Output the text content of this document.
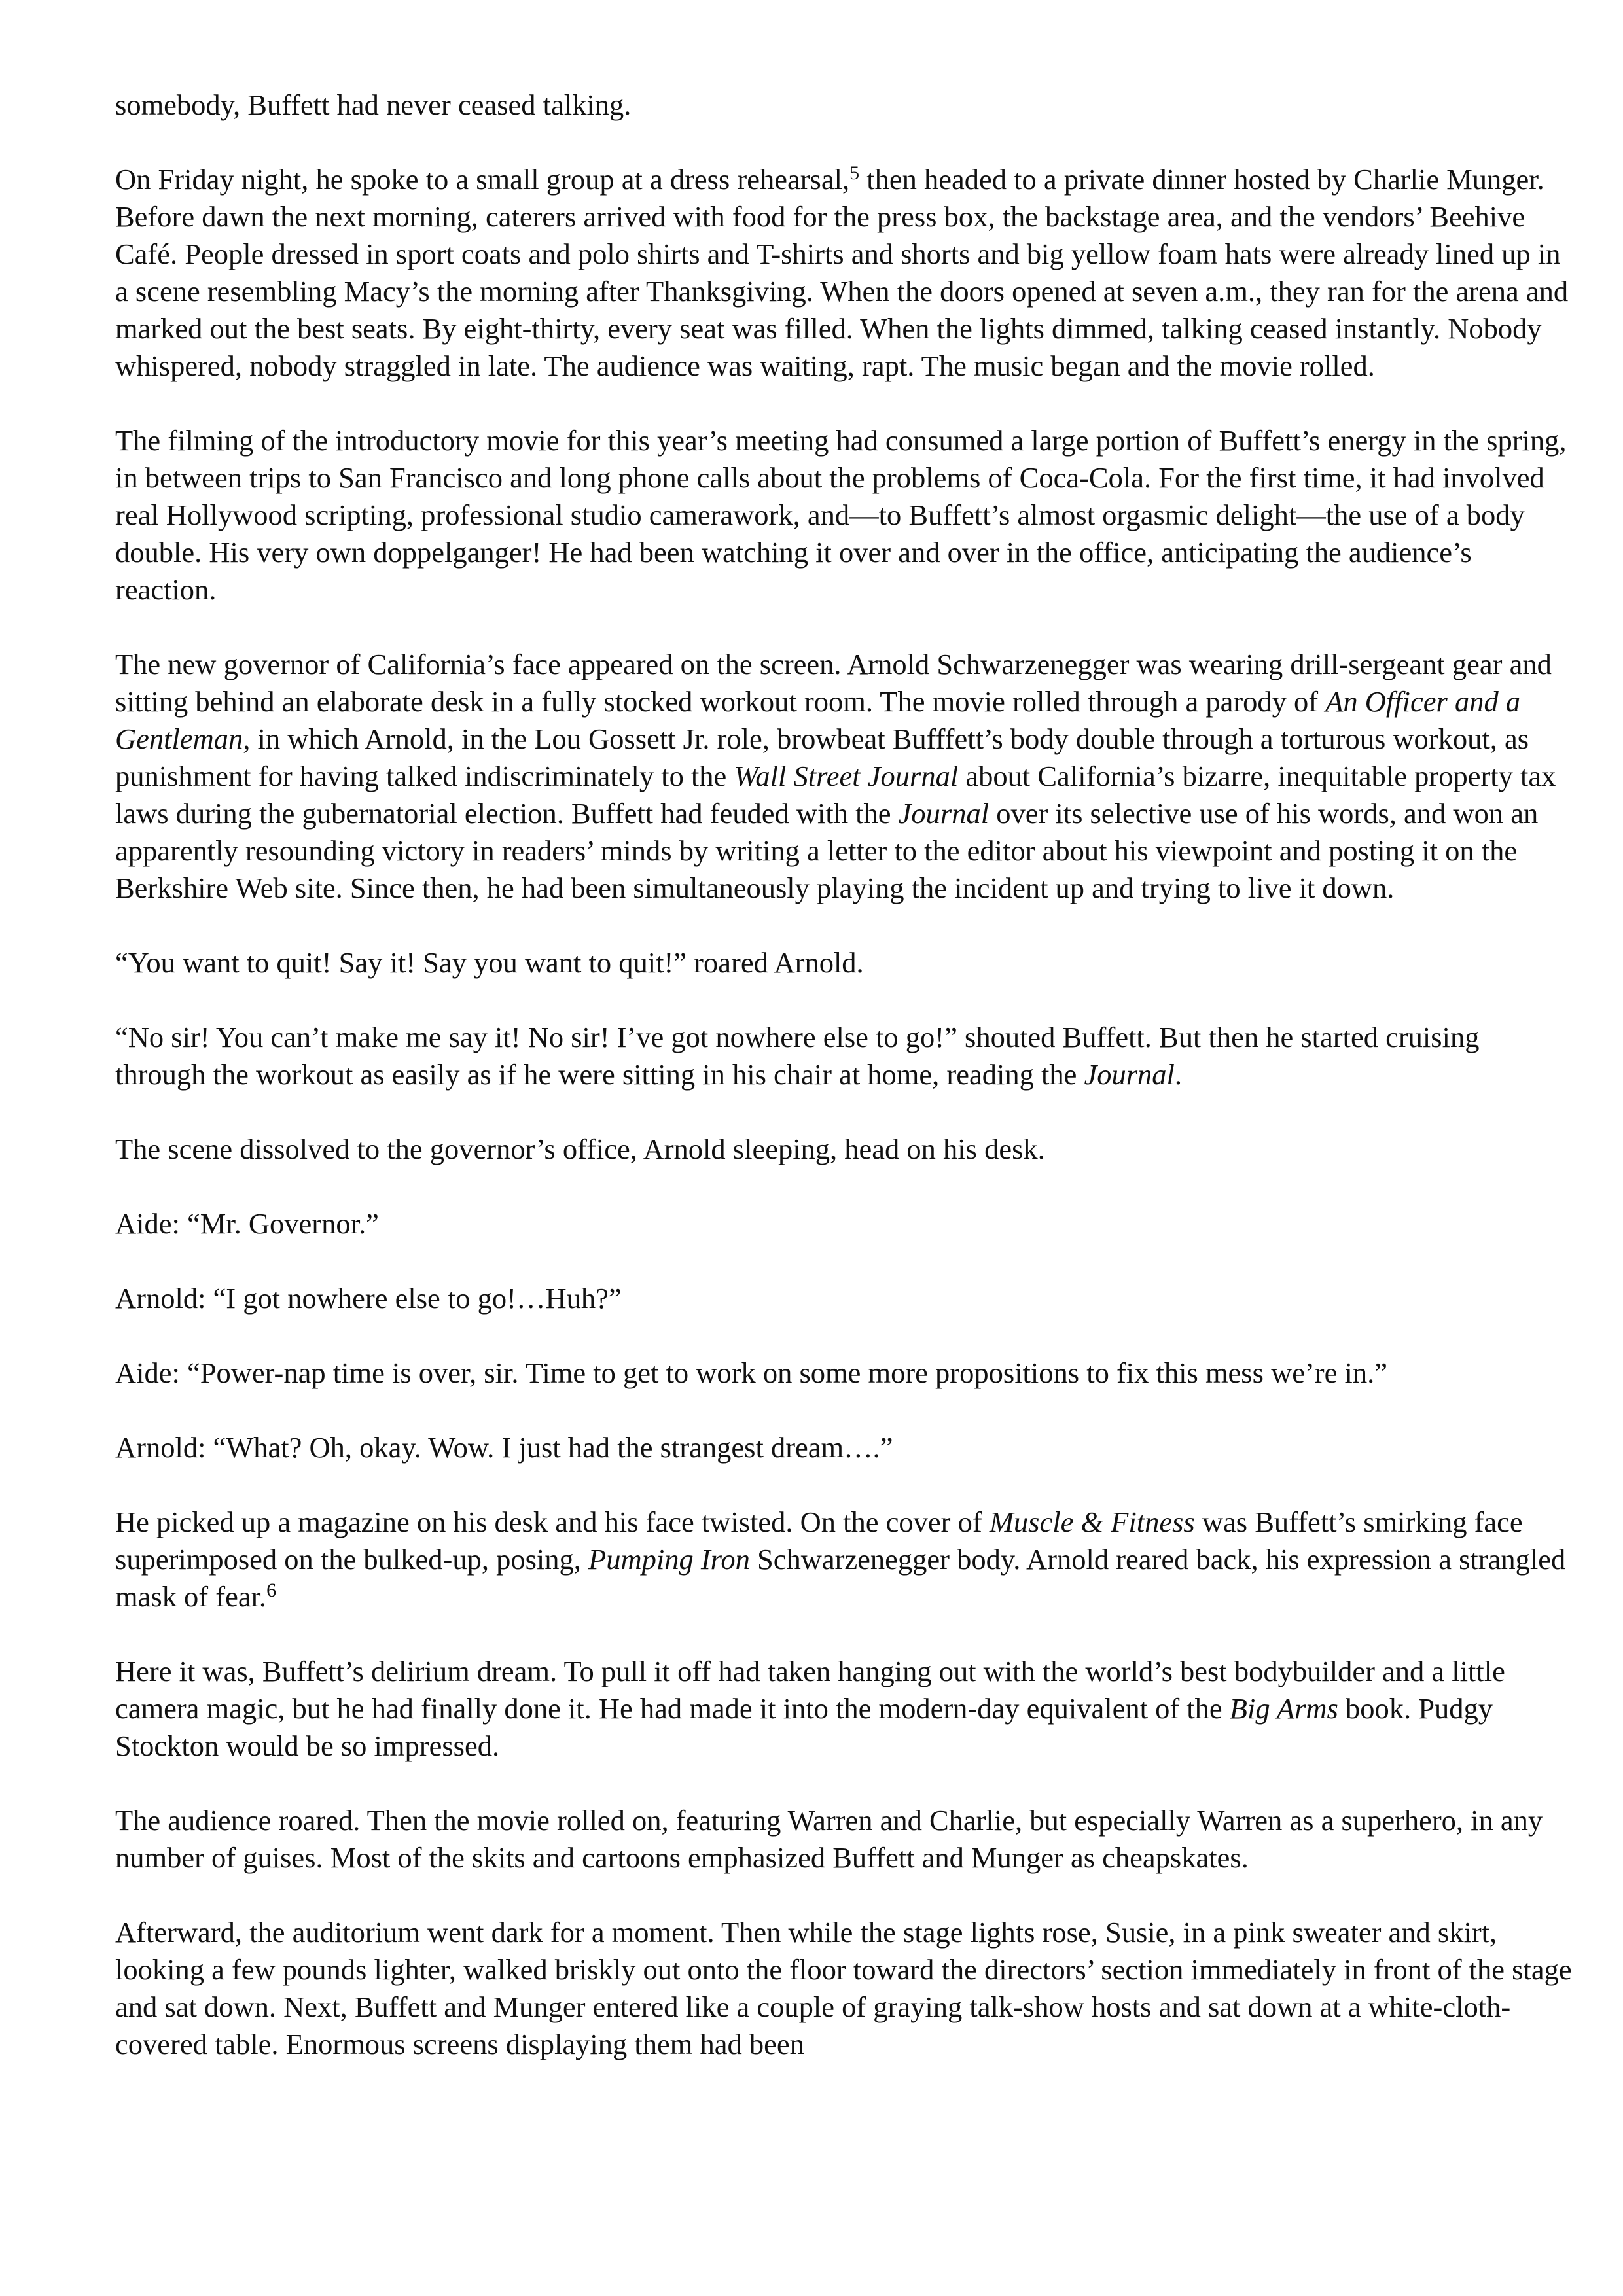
somebody, Buffett had never ceased talking.

On Friday night, he spoke to a small group at a dress rehearsal,$^5$ then headed to a private dinner hosted by Charlie Munger. Before dawn the next morning, caterers arrived with food for the press box, the backstage area, and the vendors’ Beehive Café. People dressed in sport coats and polo shirts and T-shirts and shorts and big yellow foam hats were already lined up in a scene resembling Macy’s the morning after Thanksgiving. When the doors opened at seven a.m., they ran for the arena and marked out the best seats. By eight-thirty, every seat was filled. When the lights dimmed, talking ceased instantly. Nobody whispered, nobody straggled in late. The audience was waiting, rapt. The music began and the movie rolled.

The filming of the introductory movie for this year’s meeting had consumed a large portion of Buffett’s energy in the spring, in between trips to San Francisco and long phone calls about the problems of Coca-Cola. For the first time, it had involved real Hollywood scripting, professional studio camerawork, and—to Buffett’s almost orgasmic delight—the use of a body double. His very own doppelganger! He had been watching it over and over in the office, anticipating the audience’s reaction.

The new governor of California’s face appeared on the screen. Arnold Schwarzenegger was wearing drill-sergeant gear and sitting behind an elaborate desk in a fully stocked workout room. The movie rolled through a parody of An Officer and a Gentleman, in which Arnold, in the Lou Gossett Jr. role, browbeat Bufffett’s body double through a torturous workout, as punishment for having talked indiscriminately to the Wall Street Journal about California’s bizarre, inequitable property tax laws during the gubernatorial election. Buffett had feuded with the Journal over its selective use of his words, and won an apparently resounding victory in readers’ minds by writing a letter to the editor about his viewpoint and posting it on the Berkshire Web site. Since then, he had been simultaneously playing the incident up and trying to live it down.

“You want to quit! Say it! Say you want to quit!” roared Arnold.

“No sir! You can’t make me say it! No sir! I’ve got nowhere else to go!” shouted Buffett. But then he started cruising through the workout as easily as if he were sitting in his chair at home, reading the Journal.

The scene dissolved to the governor’s office, Arnold sleeping, head on his desk.

Aide: “Mr. Governor.”

Arnold: “I got nowhere else to go!…Huh?”

Aide: “Power-nap time is over, sir. Time to get to work on some more propositions to fix this mess we’re in.”

Arnold: “What? Oh, okay. Wow. I just had the strangest dream….”

He picked up a magazine on his desk and his face twisted. On the cover of Muscle & Fitness was Buffett’s smirking face superimposed on the bulked-up, posing, Pumping Iron Schwarzenegger body. Arnold reared back, his expression a strangled mask of fear.$^6$

Here it was, Buffett’s delirium dream. To pull it off had taken hanging out with the world’s best bodybuilder and a little camera magic, but he had finally done it. He had made it into the modern-day equivalent of the Big Arms book. Pudgy Stockton would be so impressed.

The audience roared. Then the movie rolled on, featuring Warren and Charlie, but especially Warren as a superhero, in any number of guises. Most of the skits and cartoons emphasized Buffett and Munger as cheapskates.

Afterward, the auditorium went dark for a moment. Then while the stage lights rose, Susie, in a pink sweater and skirt, looking a few pounds lighter, walked briskly out onto the floor toward the directors’ section immediately in front of the stage and sat down. Next, Buffett and Munger entered like a couple of graying talk-show hosts and sat down at a white-cloth-covered table. Enormous screens displaying them had been
